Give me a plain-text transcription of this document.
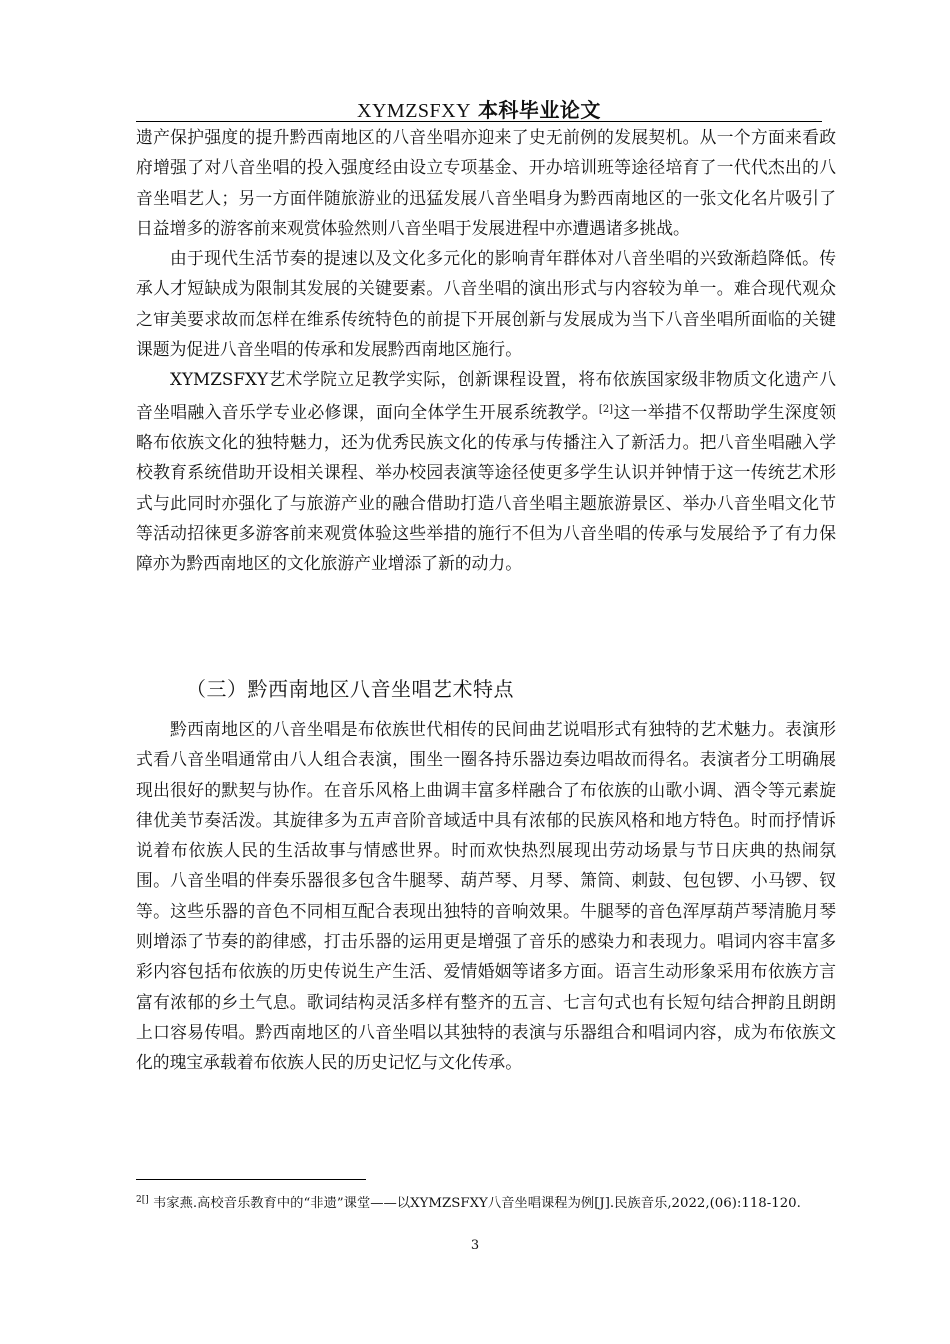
XYMZSFXY 本科毕业论文

遗产保护强度的提升黔西南地区的八音坐唱亦迎来了史无前例的发展契机。从一个方面来看政府增强了对八音坐唱的投入强度经由设立专项基金、开办培训班等途径培育了一代代杰出的八音坐唱艺人；另一方面伴随旅游业的迅猛发展八音坐唱身为黔西南地区的一张文化名片吸引了日益增多的游客前来观赏体验然则八音坐唱于发展进程中亦遭遇诸多挑战。

由于现代生活节奏的提速以及文化多元化的影响青年群体对八音坐唱的兴致渐趋降低。传承人才短缺成为限制其发展的关键要素。八音坐唱的演出形式与内容较为单一。难合现代观众之审美要求故而怎样在维系传统特色的前提下开展创新与发展成为当下八音坐唱所面临的关键课题为促进八音坐唱的传承和发展黔西南地区施行。

XYMZSFXY艺术学院立足教学实际，创新课程设置，将布依族国家级非物质文化遗产八音坐唱融入音乐学专业必修课，面向全体学生开展系统教学。[2]这一举措不仅帮助学生深度领略布依族文化的独特魅力，还为优秀民族文化的传承与传播注入了新活力。把八音坐唱融入学校教育系统借助开设相关课程、举办校园表演等途径使更多学生认识并钟情于这一传统艺术形式与此同时亦强化了与旅游产业的融合借助打造八音坐唱主题旅游景区、举办八音坐唱文化节等活动招徕更多游客前来观赏体验这些举措的施行不但为八音坐唱的传承与发展给予了有力保障亦为黔西南地区的文化旅游产业增添了新的动力。

（三）黔西南地区八音坐唱艺术特点

黔西南地区的八音坐唱是布依族世代相传的民间曲艺说唱形式有独特的艺术魅力。表演形式看八音坐唱通常由八人组合表演，围坐一圈各持乐器边奏边唱故而得名。表演者分工明确展现出很好的默契与协作。在音乐风格上曲调丰富多样融合了布依族的山歌小调、酒令等元素旋律优美节奏活泼。其旋律多为五声音阶音域适中具有浓郁的民族风格和地方特色。时而抒情诉说着布依族人民的生活故事与情感世界。时而欢快热烈展现出劳动场景与节日庆典的热闹氛围。八音坐唱的伴奏乐器很多包含牛腿琴、葫芦琴、月琴、箫筒、刺鼓、包包锣、小马锣、钗等。这些乐器的音色不同相互配合表现出独特的音响效果。牛腿琴的音色浑厚葫芦琴清脆月琴则增添了节奏的韵律感，打击乐器的运用更是增强了音乐的感染力和表现力。唱词内容丰富多彩内容包括布依族的历史传说生产生活、爱情婚姻等诸多方面。语言生动形象采用布依族方言富有浓郁的乡土气息。歌词结构灵活多样有整齐的五言、七言句式也有长短句结合押韵且朗朗上口容易传唱。黔西南地区的八音坐唱以其独特的表演与乐器组合和唱词内容，成为布依族文化的瑰宝承载着布依族人民的历史记忆与文化传承。

$^{2[]}$ 韦家燕.高校音乐教育中的“非遗”课堂——以XYMZSFXY八音坐唱课程为例[J].民族音乐,2022,(06):118-120.
3
